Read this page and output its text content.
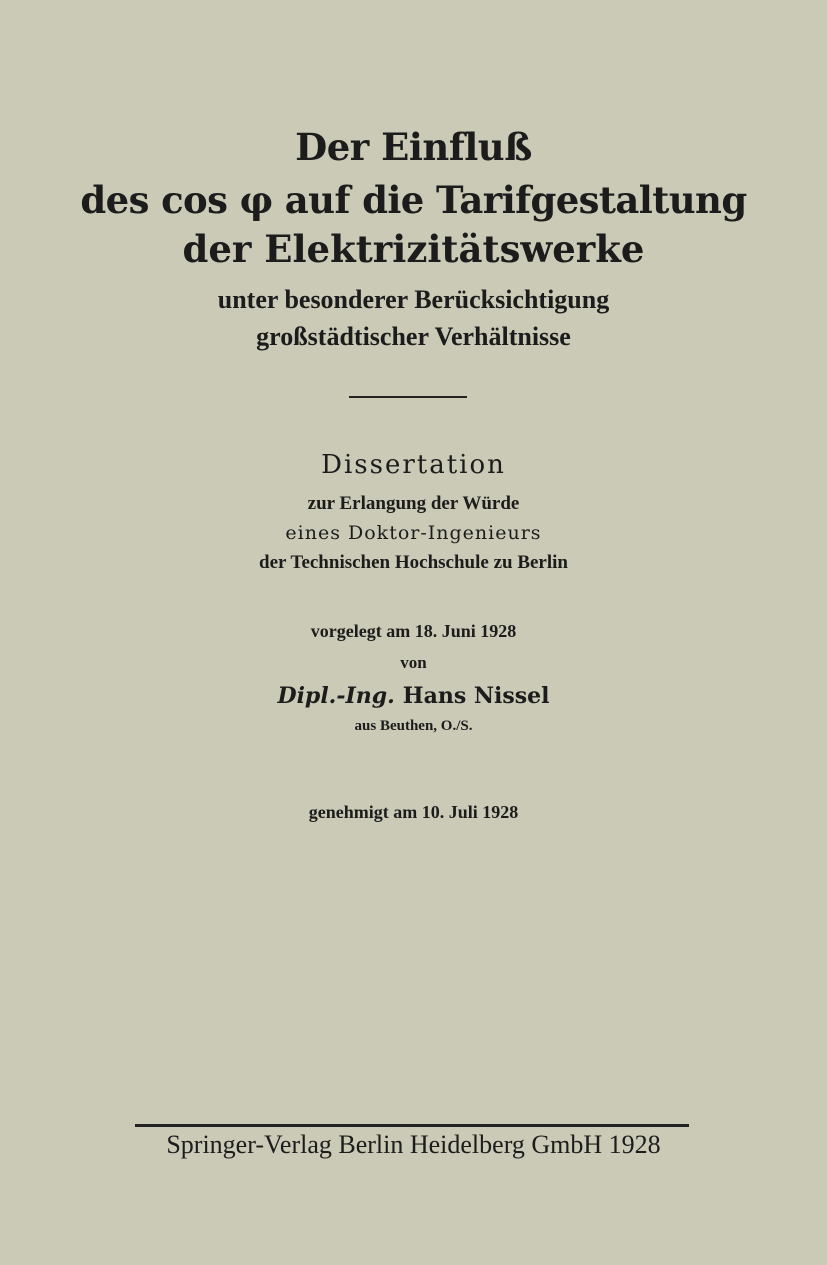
Der Einfluß
des cos φ auf die Tarifgestaltung
der Elektrizitätswerke
unter besonderer Berücksichtigung
großstädtischer Verhältnisse
Dissertation
zur Erlangung der Würde
eines Doktor-Ingenieurs
der Technischen Hochschule zu Berlin
vorgelegt am 18. Juni 1928
von
Dipl.-Ing. Hans Nissel
aus Beuthen, O./S.
genehmigt am 10. Juli 1928
Springer-Verlag Berlin Heidelberg GmbH 1928
